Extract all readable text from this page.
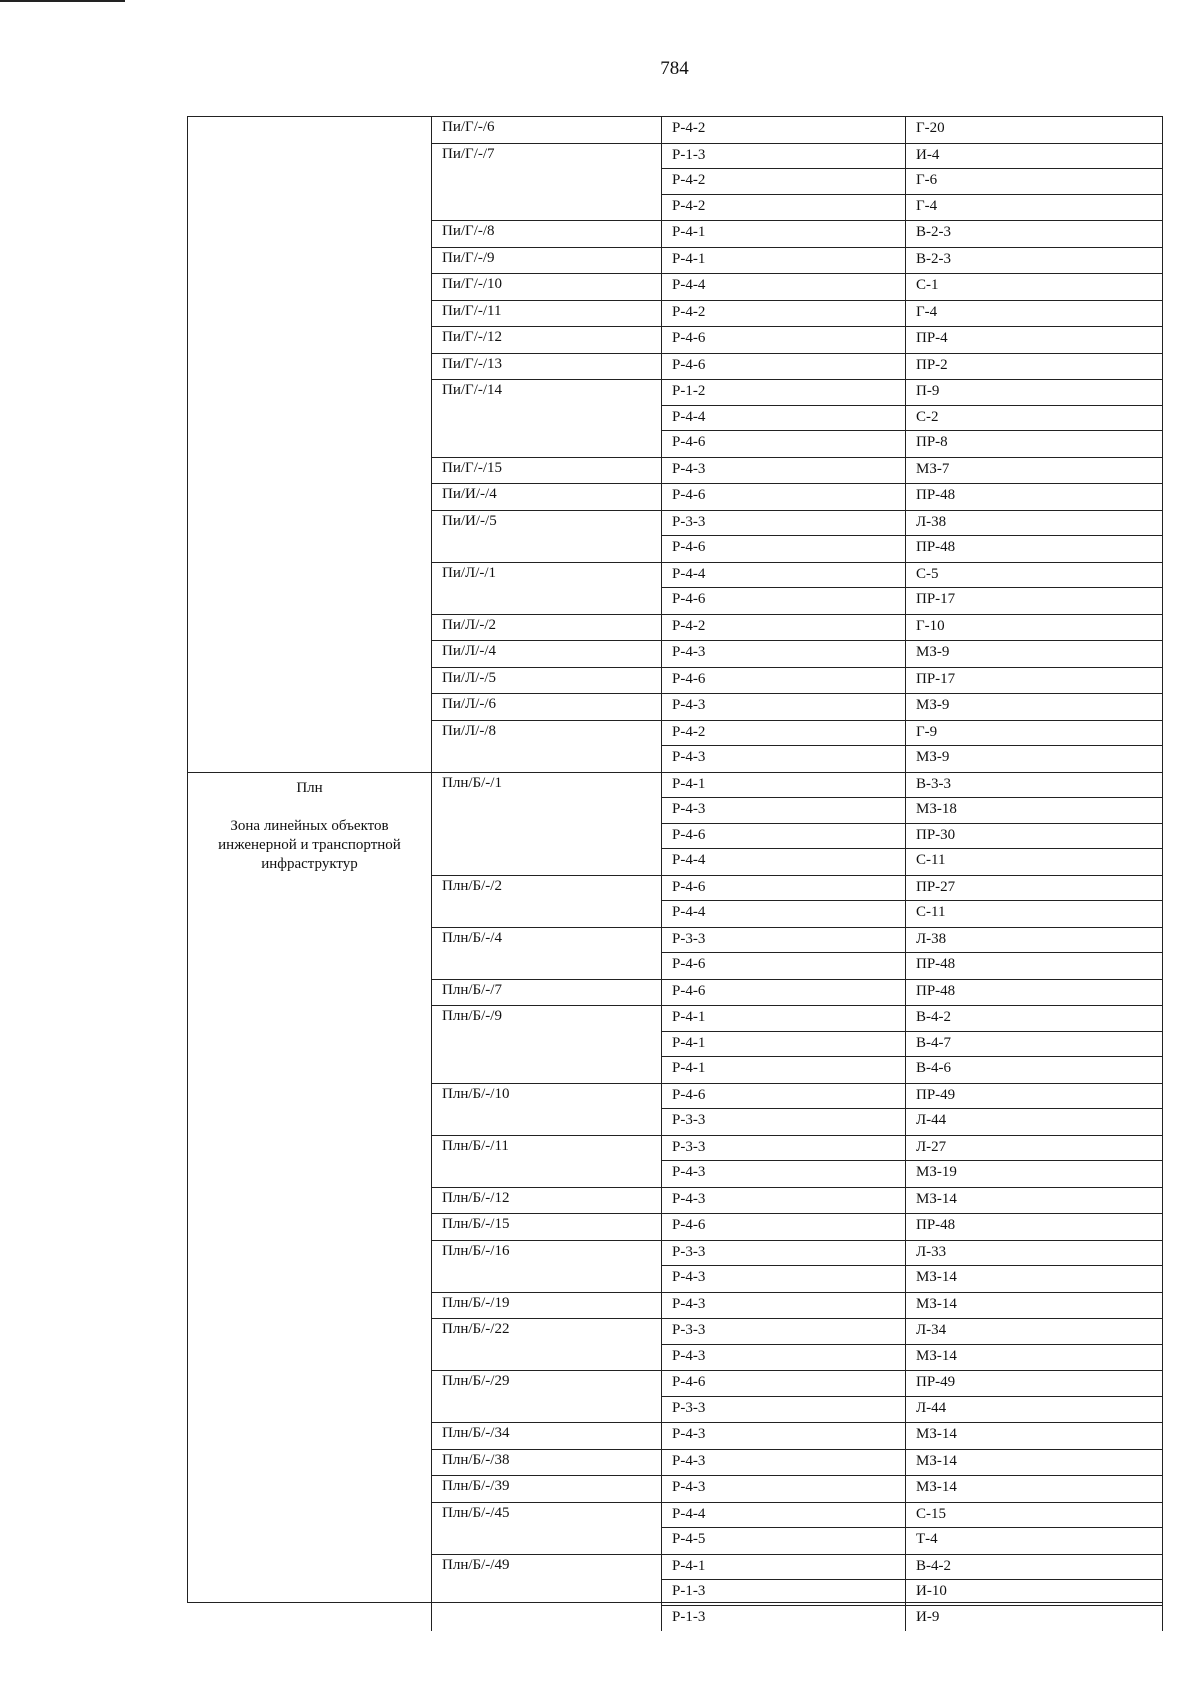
784
Пи/Г/-/6	Р-4-2	Г-20
Пи/Г/-/7	Р-1-3	И-4
Р-4-2	Г-6
Р-4-2	Г-4
Пи/Г/-/8	Р-4-1	В-2-3
Пи/Г/-/9	Р-4-1	В-2-3
Пи/Г/-/10	Р-4-4	С-1
Пи/Г/-/11	Р-4-2	Г-4
Пи/Г/-/12	Р-4-6	ПР-4
Пи/Г/-/13	Р-4-6	ПР-2
Пи/Г/-/14	Р-1-2	П-9
Р-4-4	С-2
Р-4-6	ПР-8
Пи/Г/-/15	Р-4-3	МЗ-7
Пи/И/-/4	Р-4-6	ПР-48
Пи/И/-/5	Р-3-3	Л-38
Р-4-6	ПР-48
Пи/Л/-/1	Р-4-4	С-5
Р-4-6	ПР-17
Пи/Л/-/2	Р-4-2	Г-10
Пи/Л/-/4	Р-4-3	МЗ-9
Пи/Л/-/5	Р-4-6	ПР-17
Пи/Л/-/6	Р-4-3	МЗ-9
Пи/Л/-/8	Р-4-2	Г-9
Р-4-3	МЗ-9
Плн
Зона линейных объектов инженерной и транспортной инфраструктур
Плн/Б/-/1	Р-4-1	В-3-3
Р-4-3	МЗ-18
Р-4-6	ПР-30
Р-4-4	С-11
Плн/Б/-/2	Р-4-6	ПР-27
Р-4-4	С-11
Плн/Б/-/4	Р-3-3	Л-38
Р-4-6	ПР-48
Плн/Б/-/7	Р-4-6	ПР-48
Плн/Б/-/9	Р-4-1	В-4-2
Р-4-1	В-4-7
Р-4-1	В-4-6
Плн/Б/-/10	Р-4-6	ПР-49
Р-3-3	Л-44
Плн/Б/-/11	Р-3-3	Л-27
Р-4-3	МЗ-19
Плн/Б/-/12	Р-4-3	МЗ-14
Плн/Б/-/15	Р-4-6	ПР-48
Плн/Б/-/16	Р-3-3	Л-33
Р-4-3	МЗ-14
Плн/Б/-/19	Р-4-3	МЗ-14
Плн/Б/-/22	Р-3-3	Л-34
Р-4-3	МЗ-14
Плн/Б/-/29	Р-4-6	ПР-49
Р-3-3	Л-44
Плн/Б/-/34	Р-4-3	МЗ-14
Плн/Б/-/38	Р-4-3	МЗ-14
Плн/Б/-/39	Р-4-3	МЗ-14
Плн/Б/-/45	Р-4-4	С-15
Р-4-5	Т-4
Плн/Б/-/49	Р-4-1	В-4-2
Р-1-3	И-10
Р-1-3	И-9
